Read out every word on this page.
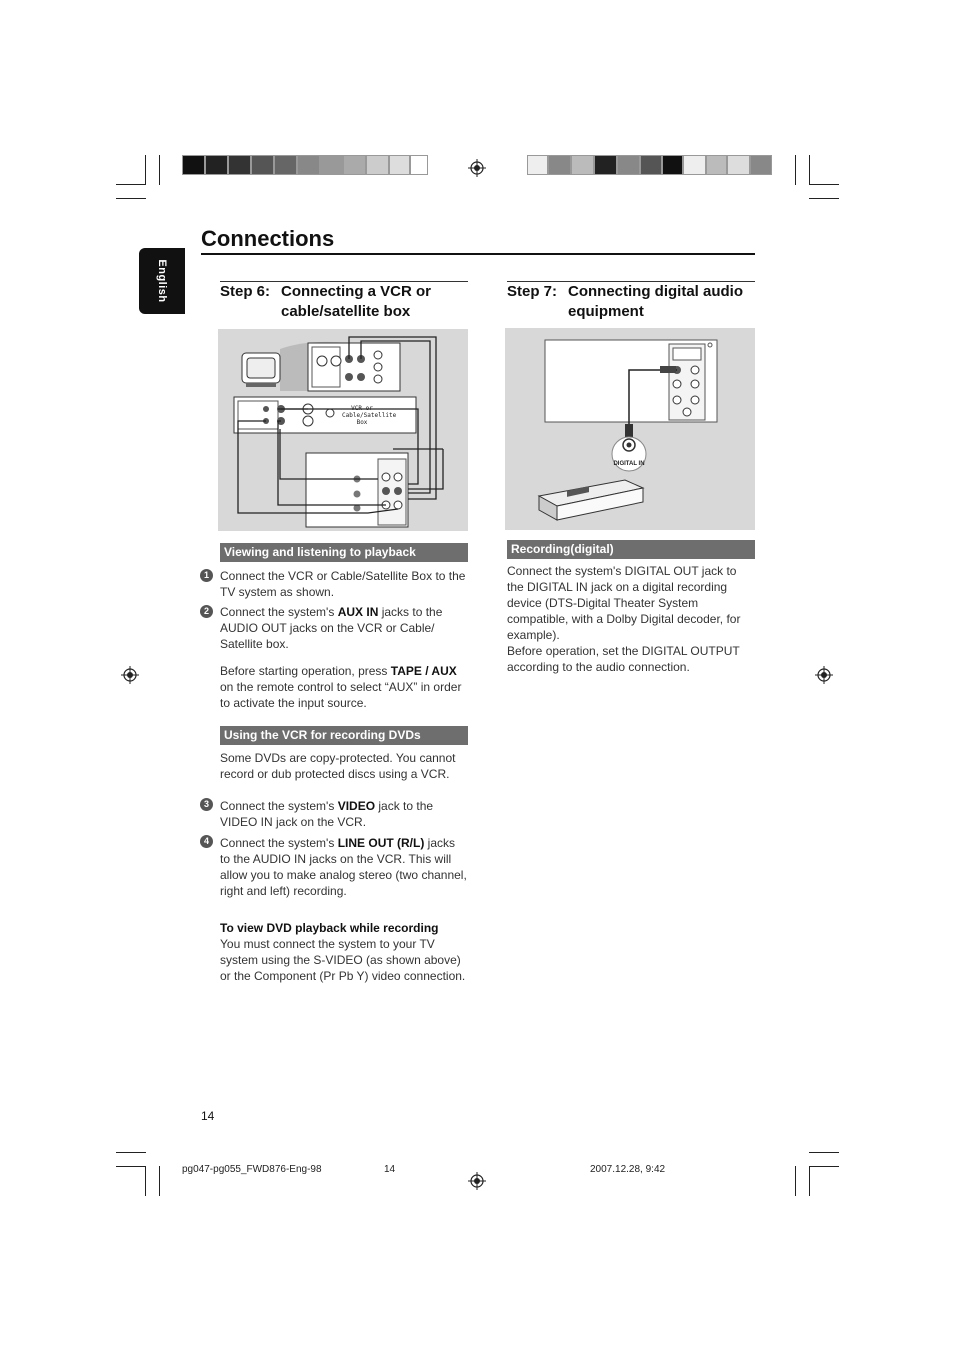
Connections
English	Step 6: Connecting a VCR or
cable/satellite box
VCR or
Cable/Satellite
Box
Viewing and listening to playback
1 Connect the VCR or Cable/Satellite Box to the TV system as shown.
2 Connect the system's AUX IN jacks to the AUDIO OUT jacks on the VCR or Cable/ Satellite box.
Before starting operation, press TAPE / AUX on the remote control to select “AUX” in order to activate the input source.
Using the VCR for recording DVDs
Some DVDs are copy-protected. You cannot record or dub protected discs using a VCR.
3 Connect the system's VIDEO jack to the VIDEO IN jack on the VCR.
4 Connect the system's LINE OUT (R/L) jacks to the AUDIO IN jacks on the VCR. This will allow you to make analog stereo (two channel, right and left) recording.
To view DVD playback while recording
You must connect the system to your TV system using the S-VIDEO (as shown above) or the Component (Pr Pb Y) video connection.
Step 7: Connecting digital audio
equipment
DIGITAL IN
Recording(digital)
Connect the system's DIGITAL OUT jack to the DIGITAL IN jack on a digital recording device (DTS-Digital Theater System compatible, with a Dolby Digital decoder, for example).
Before operation, set the DIGITAL OUTPUT according to the audio connection.
14
pg047-pg055_FWD876-Eng-98	14	2007.12.28, 9:42
